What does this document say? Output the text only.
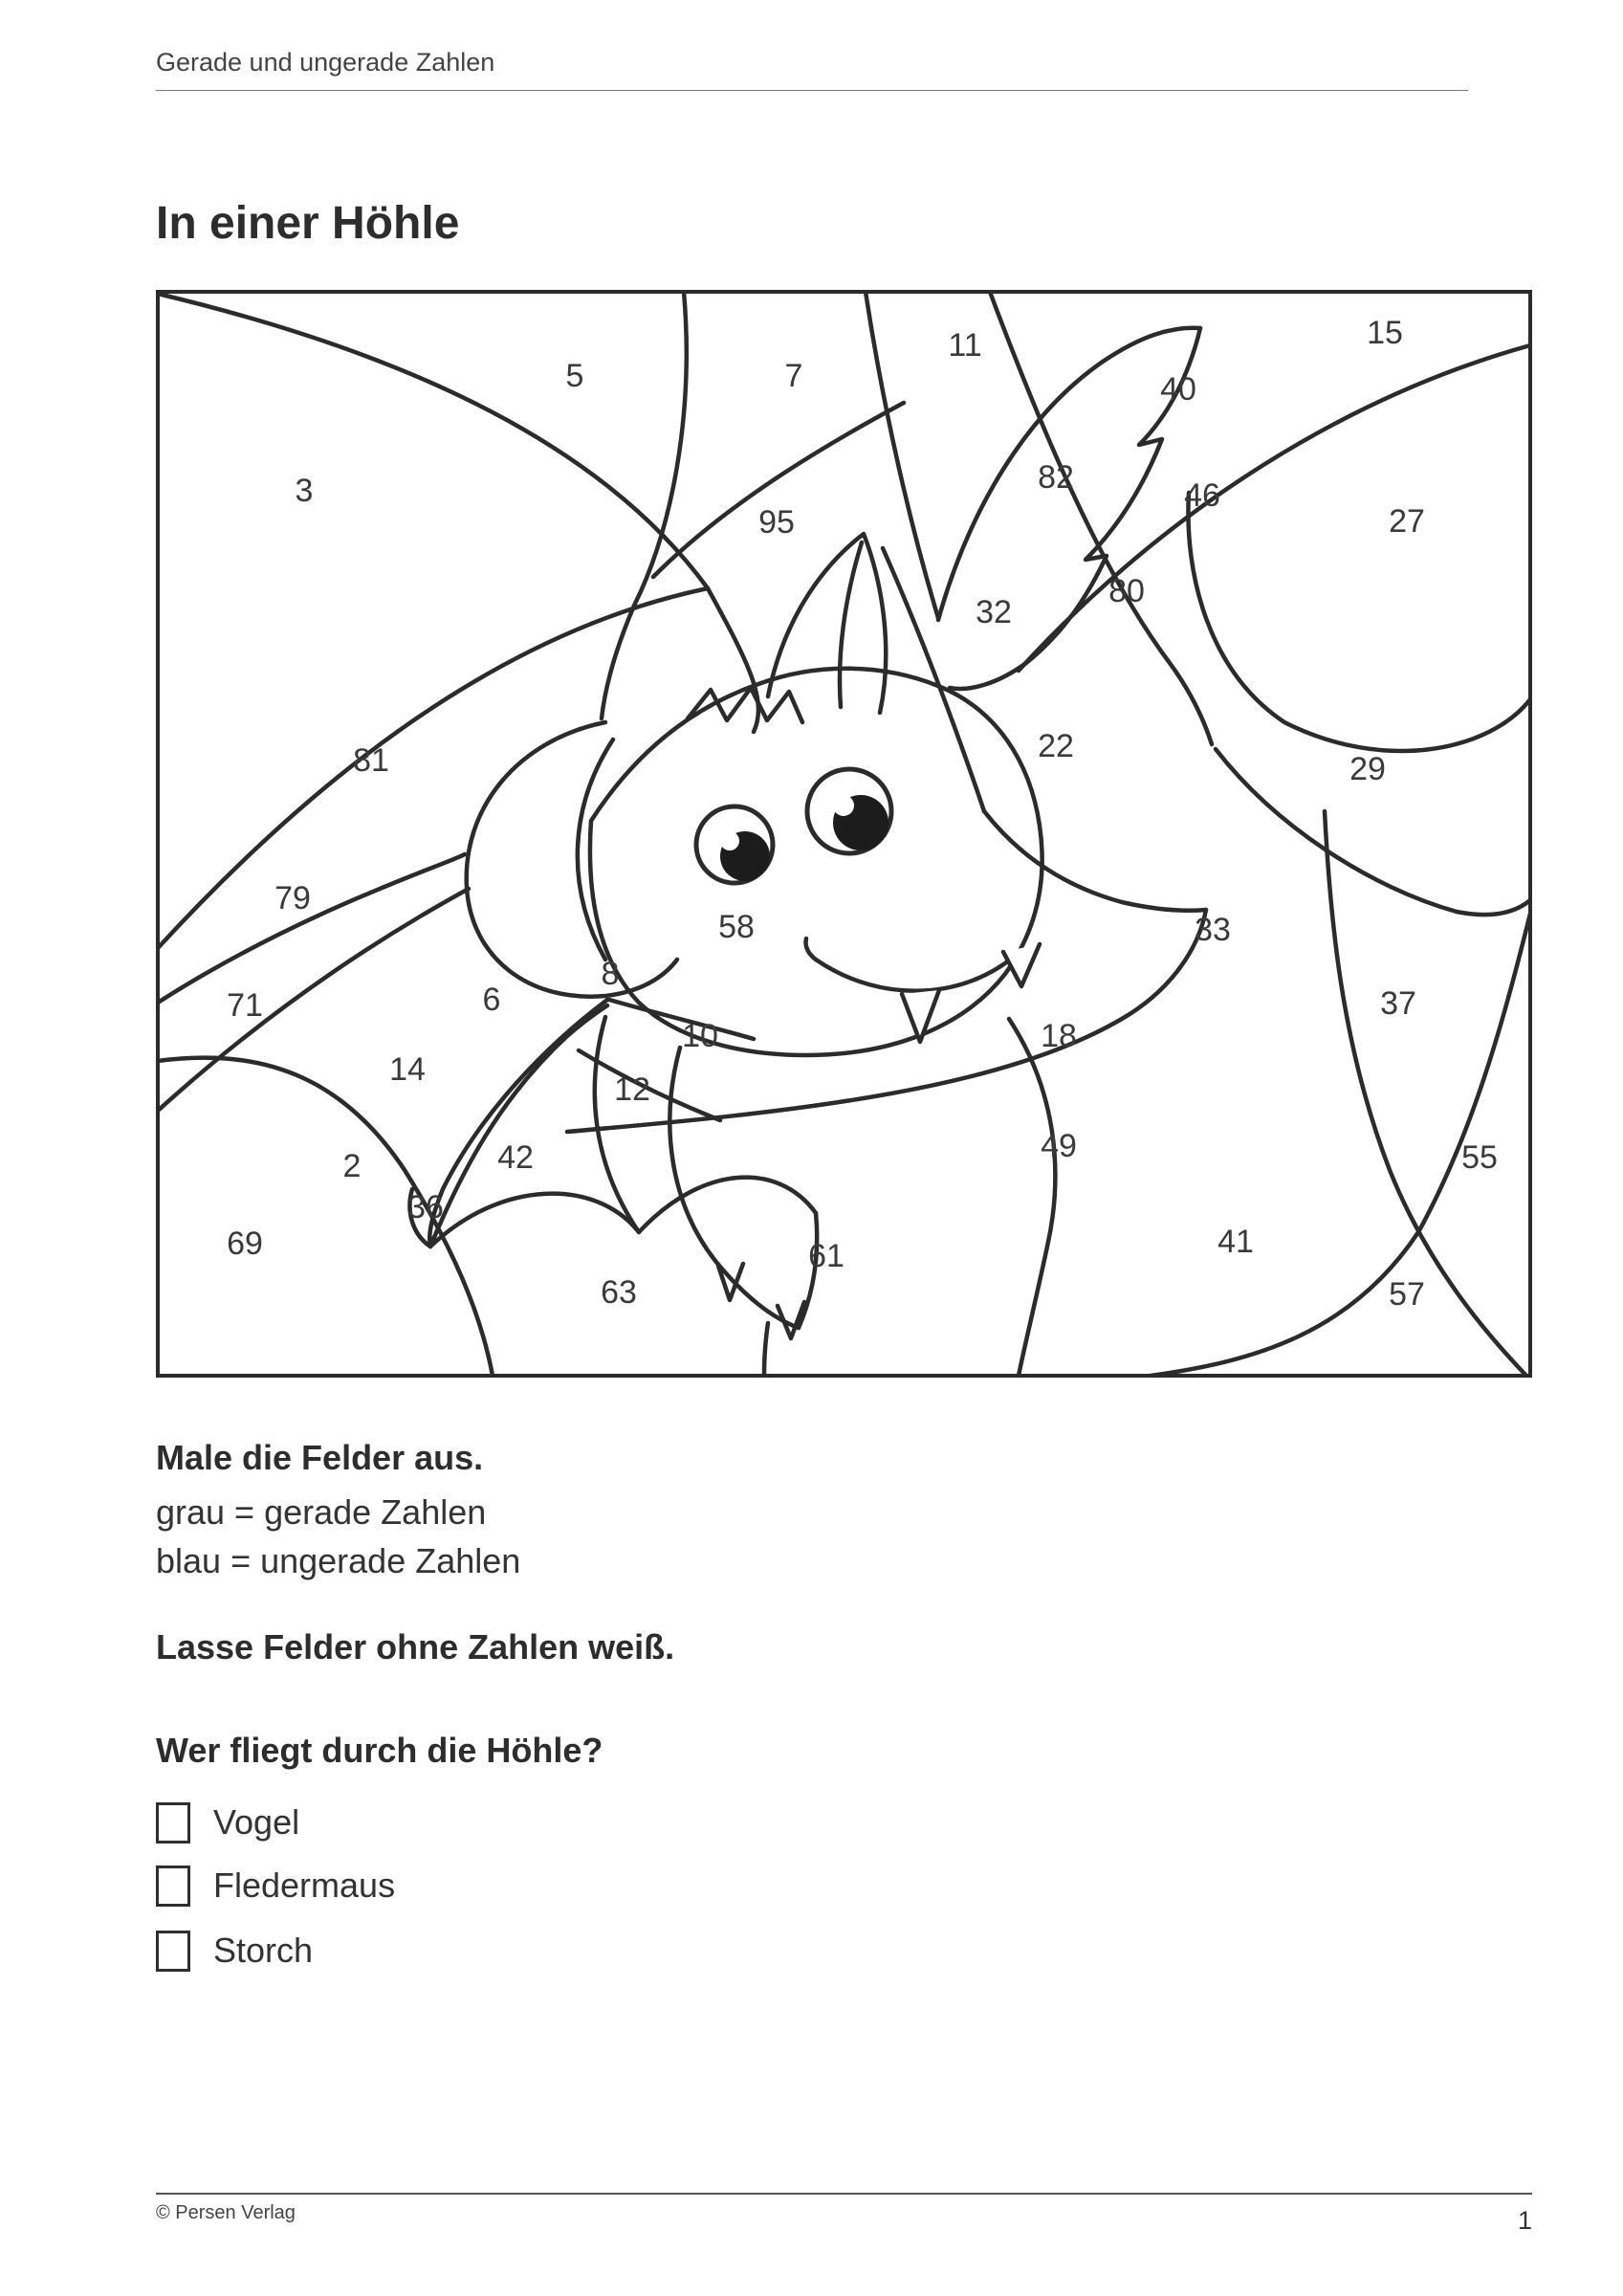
Gerade und ungerade Zahlen
In einer Höhle
5	7
11	15
40
3	82	46
95	27
80
32
22
81	29
79
58	33
8
6
71	37
10	18
14
12
49
42	55
2
36
69	41
61
63	57
Male die Felder aus.
grau = gerade Zahlen
blau = ungerade Zahlen
Lasse Felder ohne Zahlen weiß.
Wer fliegt durch die Höhle?
Vogel
Fledermaus
Storch
© Persen Verlag	1
